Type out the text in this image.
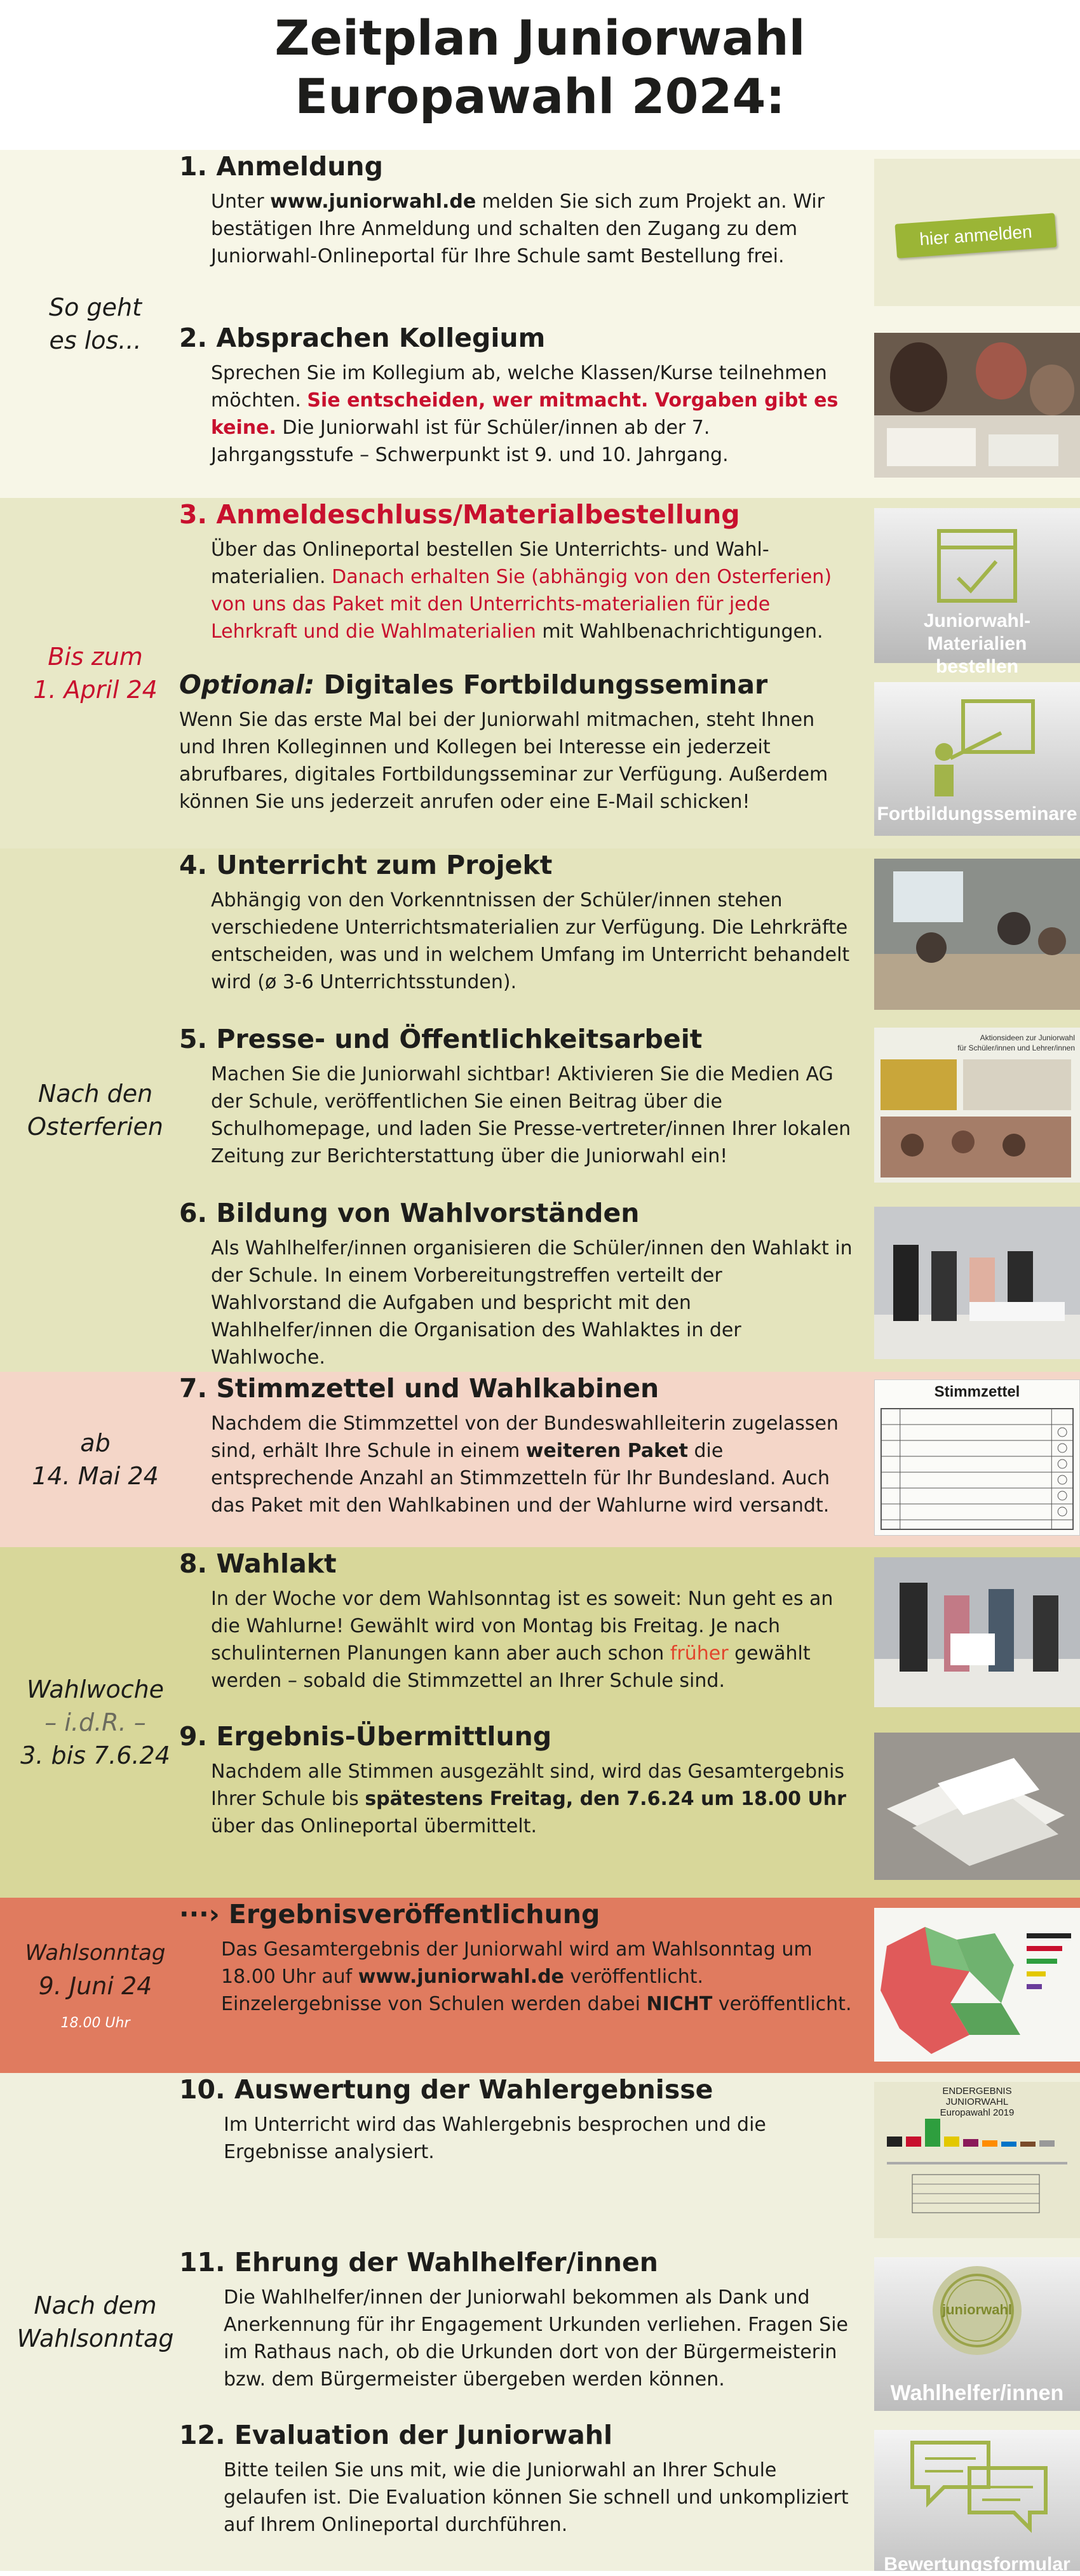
Zeitplan Juniorwahl
Europawahl 2024:
So geht
es los...
1. Anmeldung

Unter www.juniorwahl.de melden Sie sich zum Projekt an. Wir bestätigen Ihre Anmeldung und schalten den Zugang zu dem Juniorwahl-Onlineportal für Ihre Schule samt Bestellung frei.

hier anmelden
2. Absprachen Kollegium

Sprechen Sie im Kollegium ab, welche Klassen/Kurse teilnehmen möchten. Sie entscheiden, wer mitmacht. Vorgaben gibt es keine. Die Juniorwahl ist für Schüler/innen ab der 7. Jahrgangsstufe – Schwerpunkt ist 9. und 10. Jahrgang.

Bis zum
1. April 24
3. Anmeldeschluss/Materialbestellung

Über das Onlineportal bestellen Sie Unterrichts- und Wahl-materialien. Danach erhalten Sie (abhängig von den Osterferien) von uns das Paket mit den Unterrichts-materialien für jede Lehrkraft und die Wahlmaterialien mit Wahlbenachrichtigungen.	Juniorwahl-Materialien
bestellen
Optional: Digitales Fortbildungsseminar

Wenn Sie das erste Mal bei der Juniorwahl mitmachen, steht Ihnen und Ihren Kolleginnen und Kollegen bei Interesse ein jederzeit abrufbares, digitales Fortbildungsseminar zur Verfügung. Außerdem können Sie uns jederzeit anrufen oder eine E-Mail schicken!

Fortbildungsseminare
Nach den
Osterferien
4. Unterricht zum Projekt

Abhängig von den Vorkenntnissen der Schüler/innen stehen verschiedene Unterrichtsmaterialien zur Verfügung. Die Lehrkräfte entscheiden, was und in welchem Umfang im Unterricht behandelt wird (ø 3-6 Unterrichtsstunden).

5. Presse- und Öffentlichkeitsarbeit

Machen Sie die Juniorwahl sichtbar! Aktivieren Sie die Medien AG der Schule, veröffentlichen Sie einen Beitrag über die Schulhomepage, und laden Sie Presse-vertreter/innen Ihrer lokalen Zeitung zur Berichterstattung über die Juniorwahl ein!

Aktionsideen zur Juniorwahl
für Schüler/innen und Lehrer/innen
6. Bildung von Wahlvorständen

Als Wahlhelfer/innen organisieren die Schüler/innen den Wahlakt in der Schule. In einem Vorbereitungstreffen verteilt der Wahlvorstand die Aufgaben und bespricht mit den Wahlhelfer/innen die Organisation des Wahlaktes in der Wahlwoche.

ab
14. Mai 24
7. Stimmzettel und Wahlkabinen

Nachdem die Stimmzettel von der Bundeswahlleiterin zugelassen sind, erhält Ihre Schule in einem weiteren Paket die entsprechende Anzahl an Stimmzetteln für Ihr Bundesland. Auch das Paket mit den Wahlkabinen und der Wahlurne wird versandt.

Stimmzettel
Wahlwoche
– i.d.R. –
3. bis 7.6.24
8. Wahlakt

In der Woche vor dem Wahlsonntag ist es soweit: Nun geht es an die Wahlurne! Gewählt wird von Montag bis Freitag. Je nach schulinternen Planungen kann aber auch schon früher gewählt werden – sobald die Stimmzettel an Ihrer Schule sind.

9. Ergebnis-Übermittlung

Nachdem alle Stimmen ausgezählt sind, wird das Gesamtergebnis Ihrer Schule bis spätestens Freitag, den 7.6.24 um 18.00 Uhr über das Onlineportal übermittelt.

Wahlsonntag
9. Juni 24
18.00 Uhr
···› Ergebnisveröffentlichung

Das Gesamtergebnis der Juniorwahl wird am Wahlsonntag um 18.00 Uhr auf www.juniorwahl.de veröffentlicht. Einzelergebnisse von Schulen werden dabei NICHT veröffentlicht.

Nach dem
Wahlsonntag
10. Auswertung der Wahlergebnisse

Im Unterricht wird das Wahlergebnis besprochen und die Ergebnisse analysiert.

ENDERGEBNIS
JUNIORWAHL
Europawahl 2019
11. Ehrung der Wahlhelfer/innen

Die Wahlhelfer/innen der Juniorwahl bekommen als Dank und Anerkennung für ihr Engagement Urkunden verliehen. Fragen Sie im Rathaus nach, ob die Urkunden dort von der Bürgermeisterin bzw. dem Bürgermeister übergeben werden können.

juniorwahl
Wahlhelfer/innen
12. Evaluation der Juniorwahl

Bitte teilen Sie uns mit, wie die Juniorwahl an Ihrer Schule gelaufen ist. Die Evaluation können Sie schnell und unkompliziert auf Ihrem Onlineportal durchführen.

Bewertungsformular
